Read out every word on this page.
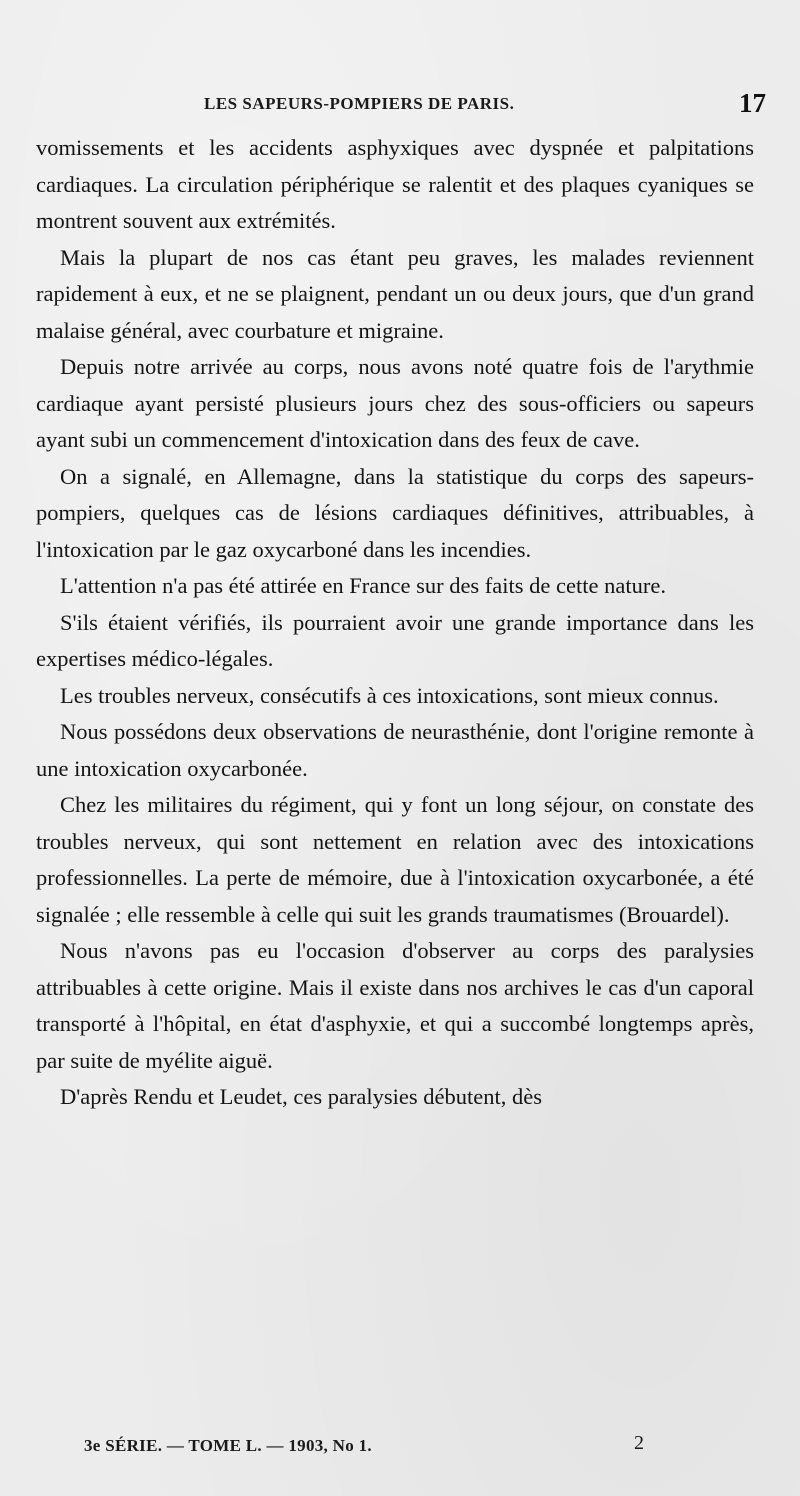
LES SAPEURS-POMPIERS DE PARIS.	17

vomissements et les accidents asphyxiques avec dyspnée et palpitations cardiaques. La circulation périphérique se ralentit et des plaques cyaniques se montrent souvent aux extrémités.

Mais la plupart de nos cas étant peu graves, les malades reviennent rapidement à eux, et ne se plaignent, pendant un ou deux jours, que d'un grand malaise général, avec courbature et migraine.

Depuis notre arrivée au corps, nous avons noté quatre fois de l'arythmie cardiaque ayant persisté plusieurs jours chez des sous-officiers ou sapeurs ayant subi un commencement d'intoxication dans des feux de cave.

On a signalé, en Allemagne, dans la statistique du corps des sapeurs-pompiers, quelques cas de lésions cardiaques définitives, attribuables, à l'intoxication par le gaz oxycarboné dans les incendies.

L'attention n'a pas été attirée en France sur des faits de cette nature.

S'ils étaient vérifiés, ils pourraient avoir une grande importance dans les expertises médico-légales.

Les troubles nerveux, consécutifs à ces intoxications, sont mieux connus.

Nous possédons deux observations de neurasthénie, dont l'origine remonte à une intoxication oxycarbonée.

Chez les militaires du régiment, qui y font un long séjour, on constate des troubles nerveux, qui sont nettement en relation avec des intoxications professionnelles. La perte de mémoire, due à l'intoxication oxycarbonée, a été signalée ; elle ressemble à celle qui suit les grands traumatismes (Brouardel).

Nous n'avons pas eu l'occasion d'observer au corps des paralysies attribuables à cette origine. Mais il existe dans nos archives le cas d'un caporal transporté à l'hôpital, en état d'asphyxie, et qui a succombé longtemps après, par suite de myélite aiguë.

D'après Rendu et Leudet, ces paralysies débutent, dès

3e SÉRIE. — TOME L. — 1903, No 1.	2
